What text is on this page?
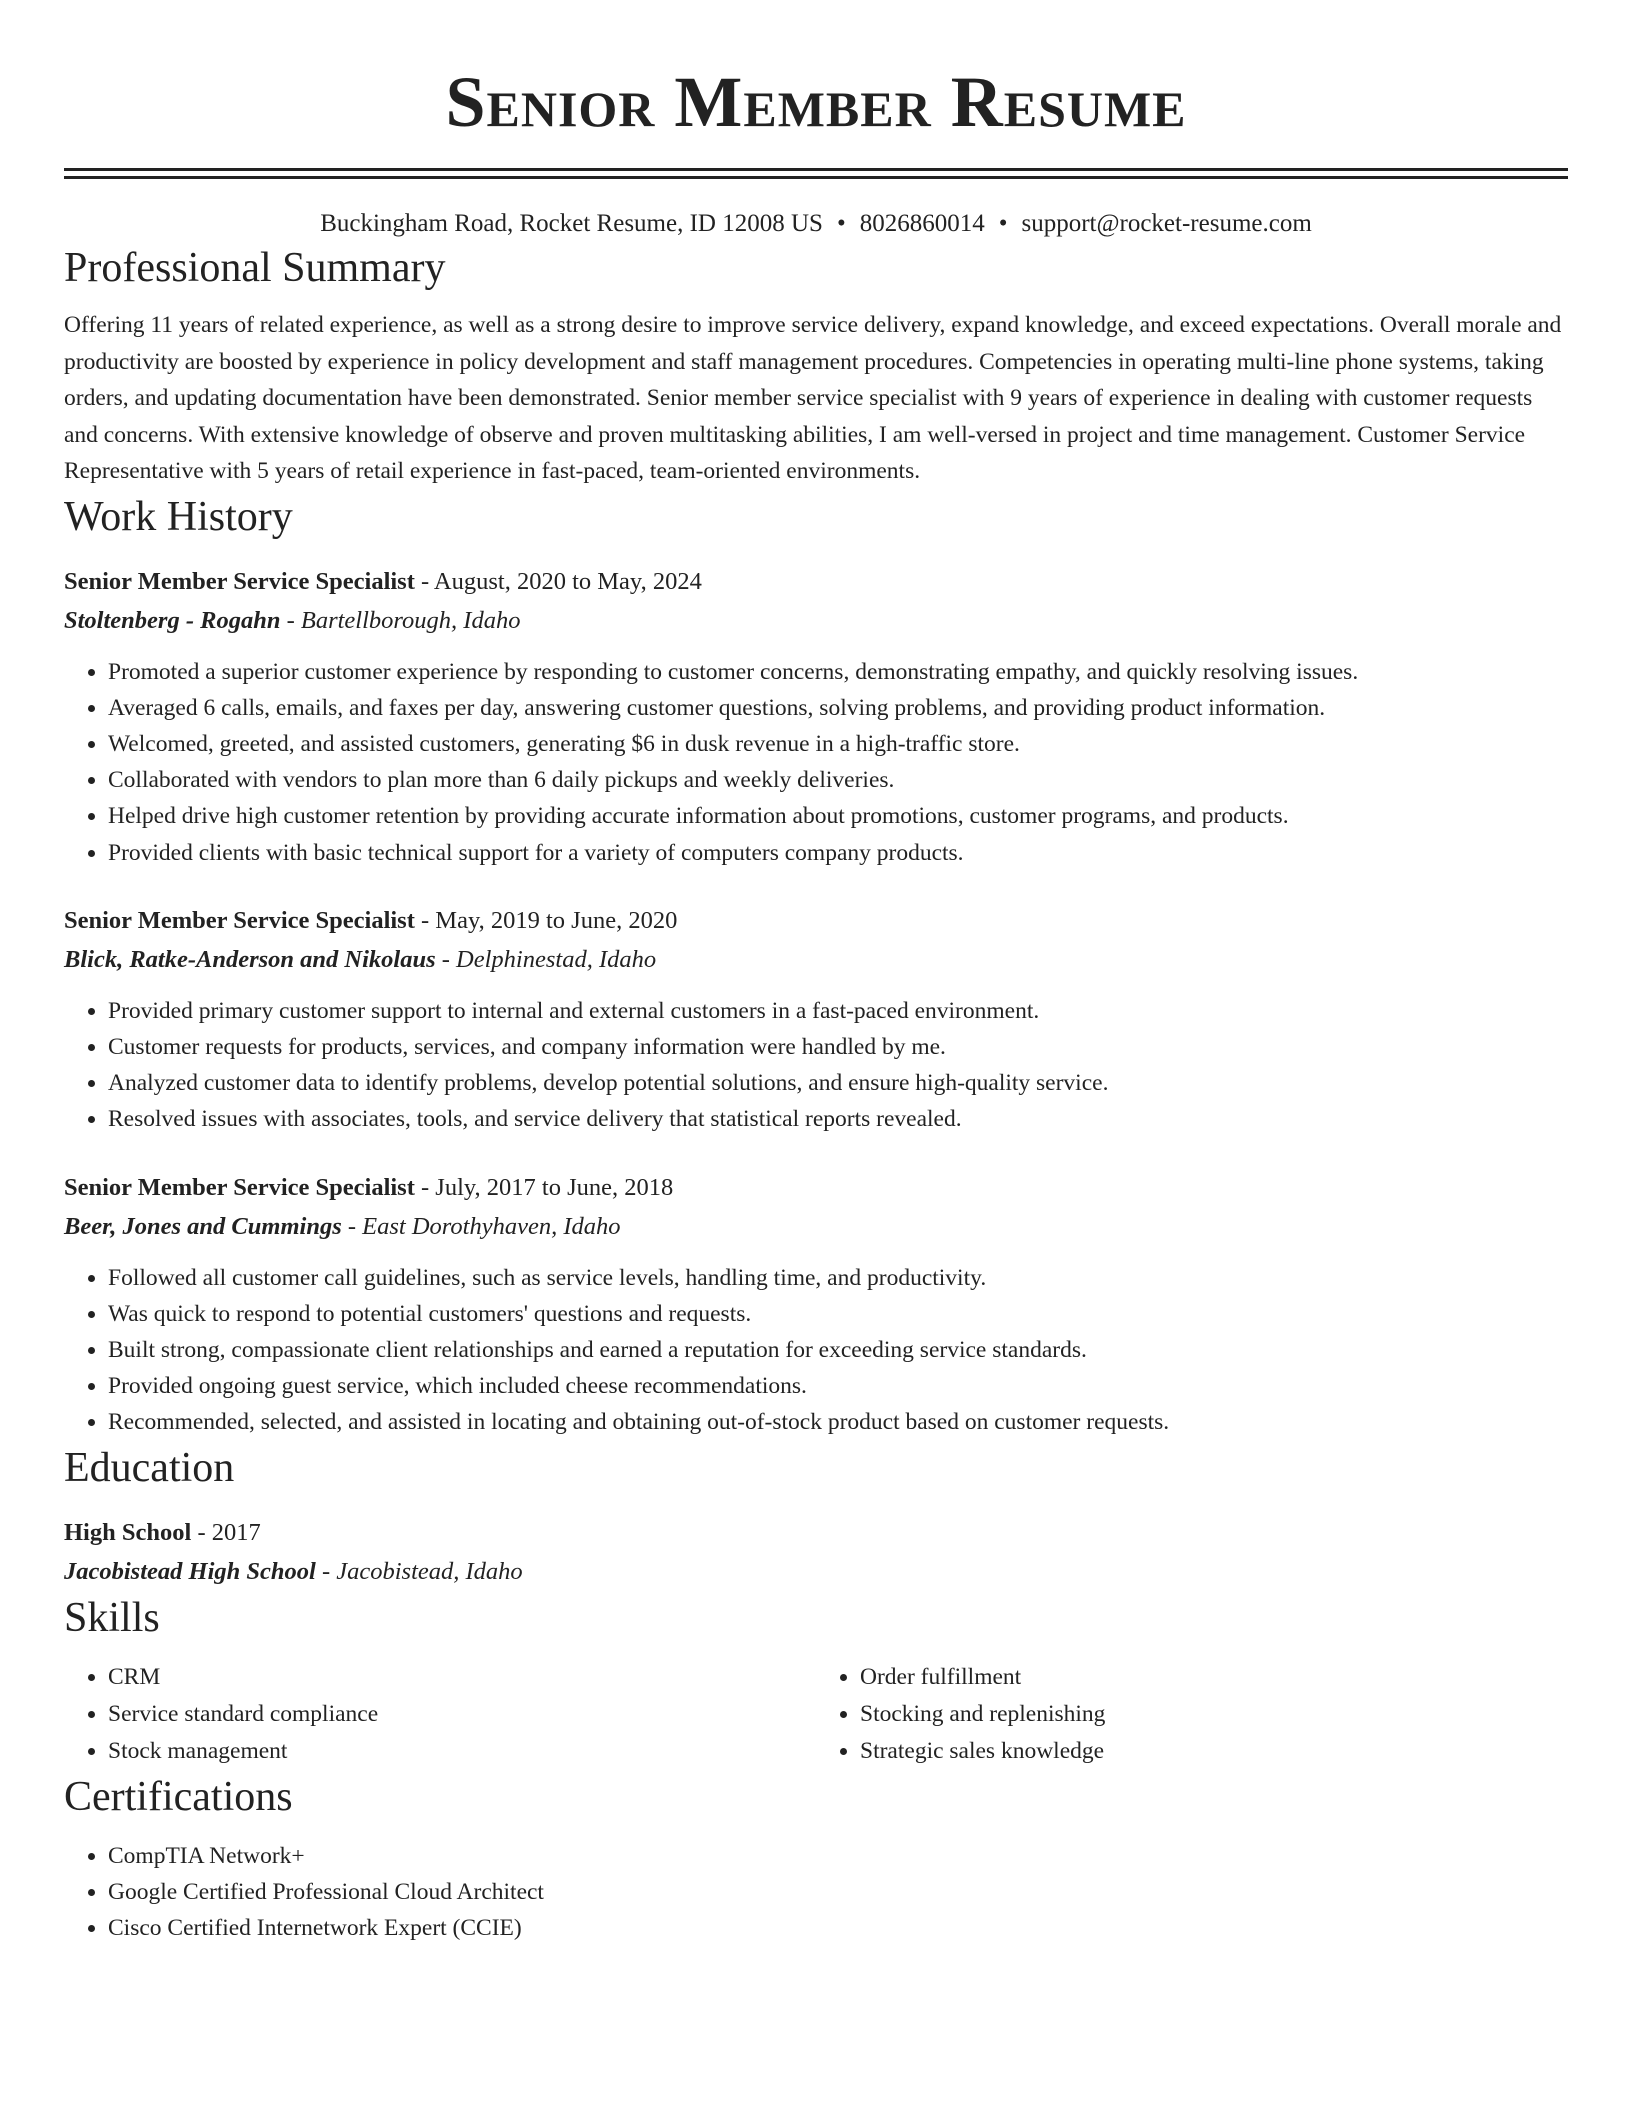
Senior Member Resume
Buckingham Road, Rocket Resume, ID 12008 US • 8026860014 • support@rocket-resume.com
Professional Summary

Offering 11 years of related experience, as well as a strong desire to improve service delivery, expand knowledge, and exceed expectations. Overall morale and productivity are boosted by experience in policy development and staff management procedures. Competencies in operating multi-line phone systems, taking orders, and updating documentation have been demonstrated. Senior member service specialist with 9 years of experience in dealing with customer requests and concerns. With extensive knowledge of observe and proven multitasking abilities, I am well-versed in project and time management. Customer Service Representative with 5 years of retail experience in fast-paced, team-oriented environments.

Work History

Senior Member Service Specialist - August, 2020 to May, 2024

Stoltenberg - Rogahn - Bartellborough, Idaho

• Promoted a superior customer experience by responding to customer concerns, demonstrating empathy, and quickly resolving issues.
• Averaged 6 calls, emails, and faxes per day, answering customer questions, solving problems, and providing product information.
• Welcomed, greeted, and assisted customers, generating $6 in dusk revenue in a high-traffic store.
• Collaborated with vendors to plan more than 6 daily pickups and weekly deliveries.
• Helped drive high customer retention by providing accurate information about promotions, customer programs, and products.
• Provided clients with basic technical support for a variety of computers company products.

Senior Member Service Specialist - May, 2019 to June, 2020

Blick, Ratke-Anderson and Nikolaus - Delphinestad, Idaho

• Provided primary customer support to internal and external customers in a fast-paced environment.
• Customer requests for products, services, and company information were handled by me.
• Analyzed customer data to identify problems, develop potential solutions, and ensure high-quality service.
• Resolved issues with associates, tools, and service delivery that statistical reports revealed.

Senior Member Service Specialist - July, 2017 to June, 2018

Beer, Jones and Cummings - East Dorothyhaven, Idaho

• Followed all customer call guidelines, such as service levels, handling time, and productivity.
• Was quick to respond to potential customers' questions and requests.
• Built strong, compassionate client relationships and earned a reputation for exceeding service standards.
• Provided ongoing guest service, which included cheese recommendations.
• Recommended, selected, and assisted in locating and obtaining out-of-stock product based on customer requests.
Education

High School - 2017

Jacobistead High School - Jacobistead, Idaho

Skills
• CRM
• Service standard compliance
• Stock management
• Order fulfillment
• Stocking and replenishing
• Strategic sales knowledge
Certifications
• CompTIA Network+
• Google Certified Professional Cloud Architect
• Cisco Certified Internetwork Expert (CCIE)
